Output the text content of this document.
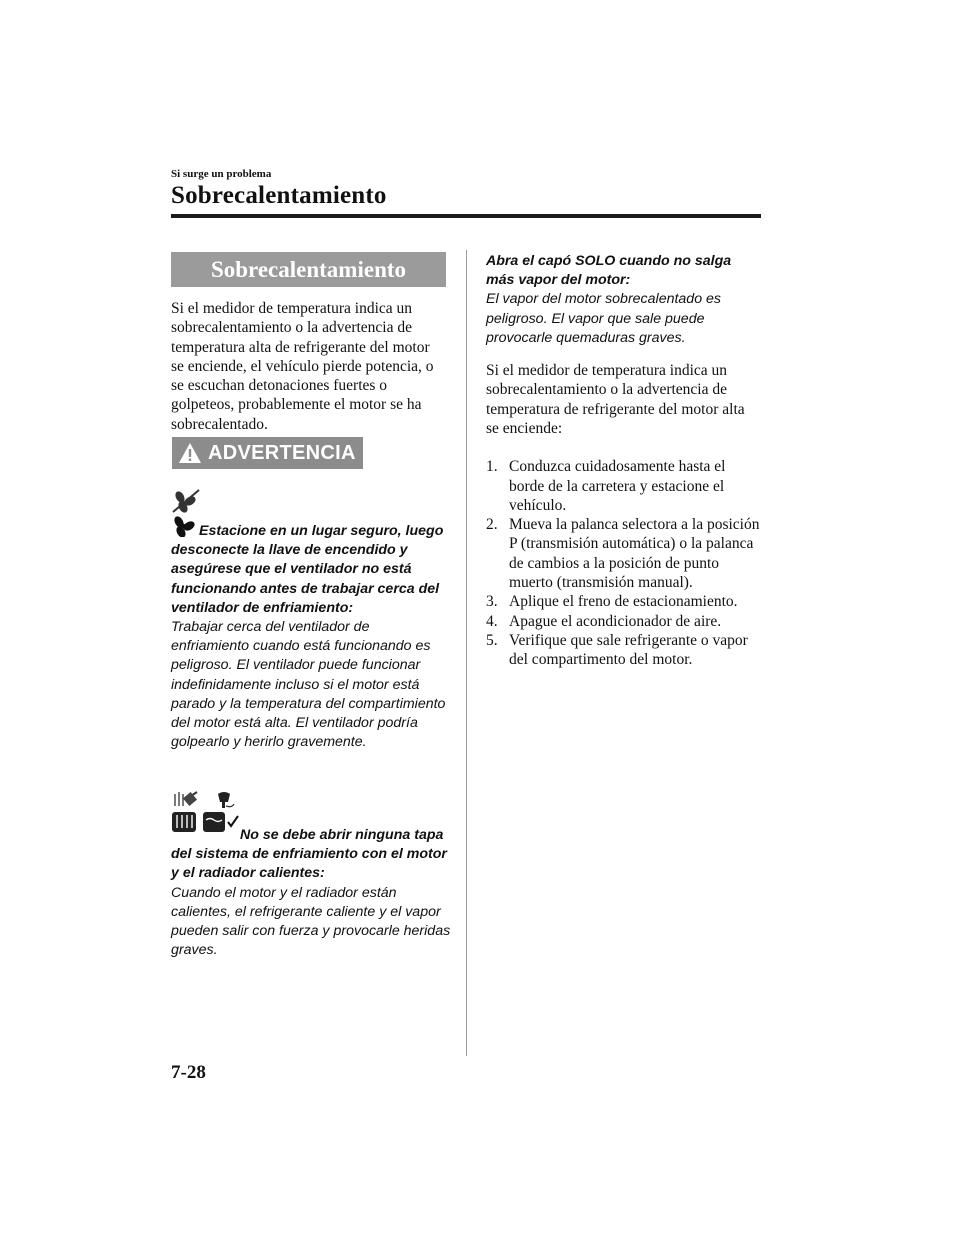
Si surge un problema
Sobrecalentamiento
Sobrecalentamiento

Si el medidor de temperatura indica un sobrecalentamiento o la advertencia de temperatura alta de refrigerante del motor se enciende, el vehículo pierde potencia, o se escuchan detonaciones fuertes o golpeteos, probablemente el motor se ha sobrecalentado.

ADVERTENCIA

Estacione en un lugar seguro, luego desconecte la llave de encendido y asegúrese que el ventilador no está funcionando antes de trabajar cerca del ventilador de enfriamiento:

Trabajar cerca del ventilador de enfriamiento cuando está funcionando es peligroso. El ventilador puede funcionar indefinidamente incluso si el motor está parado y la temperatura del compartimiento del motor está alta. El ventilador podría golpearlo y herirlo gravemente.

No se debe abrir ninguna tapa del sistema de enfriamiento con el motor y el radiador calientes:

Cuando el motor y el radiador están calientes, el refrigerante caliente y el vapor pueden salir con fuerza y provocarle heridas graves.

Abra el capó SOLO cuando no salga más vapor del motor:

El vapor del motor sobrecalentado es peligroso. El vapor que sale puede provocarle quemaduras graves.

Si el medidor de temperatura indica un sobrecalentamiento o la advertencia de temperatura de refrigerante del motor alta se enciende:

1. Conduzca cuidadosamente hasta el borde de la carretera y estacione el vehículo.
2. Mueva la palanca selectora a la posición P (transmisión automática) o la palanca de cambios a la posición de punto muerto (transmisión manual).
3. Aplique el freno de estacionamiento.
4. Apague el acondicionador de aire.
5. Verifique que sale refrigerante o vapor del compartimento del motor.
7-28
